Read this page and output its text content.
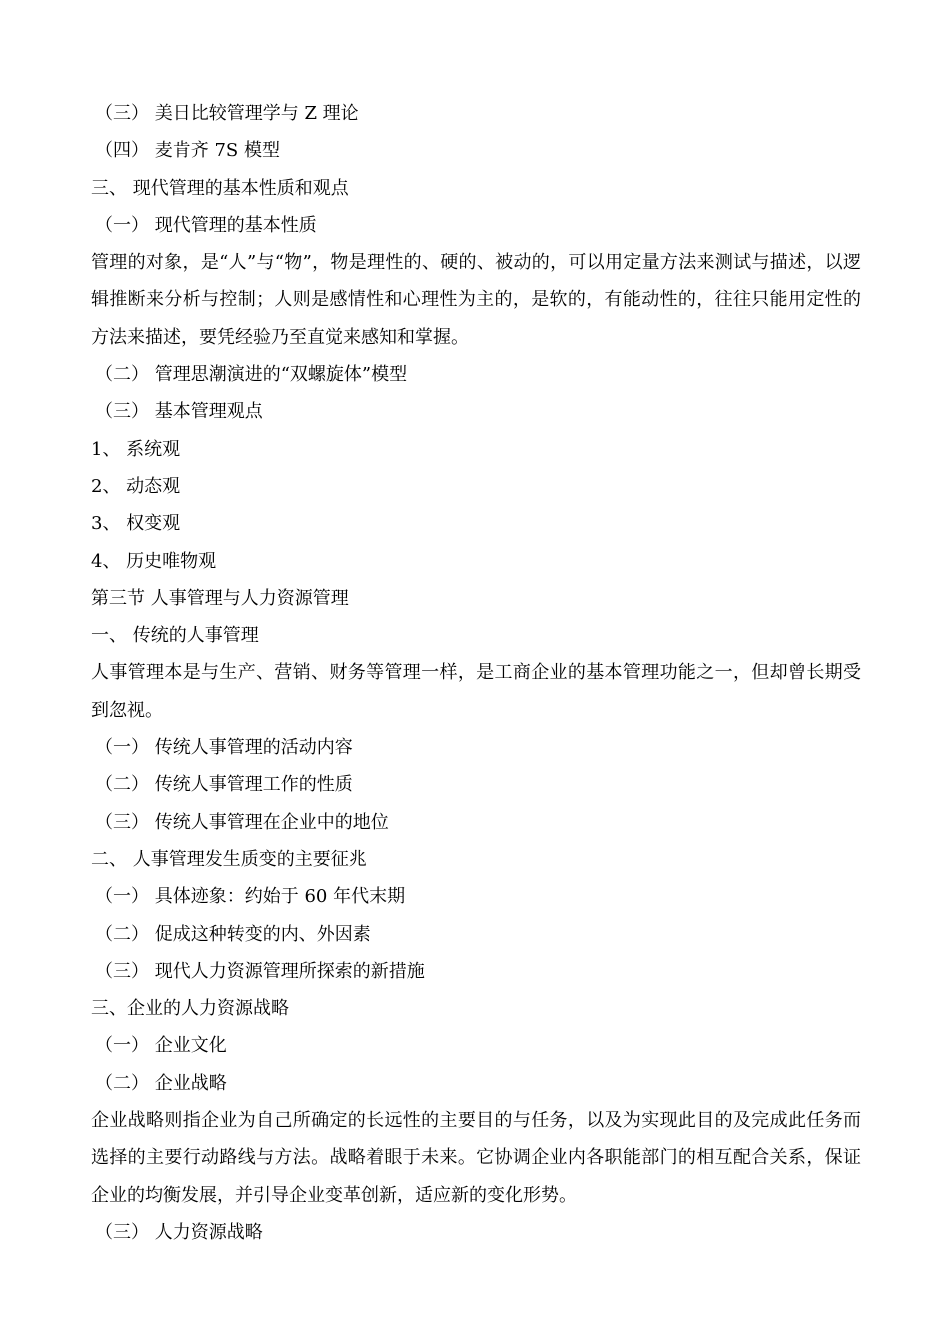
（三） 美日比较管理学与 Z 理论
（四） 麦肯齐 7S 模型
三、 现代管理的基本性质和观点
（一） 现代管理的基本性质

管理的对象，是“人”与“物”，物是理性的、硬的、被动的，可以用定量方法来测试与描述，以逻辑推断来分析与控制；人则是感情性和心理性为主的，是软的，有能动性的，往往只能用定性的方法来描述，要凭经验乃至直觉来感知和掌握。

（二） 管理思潮演进的“双螺旋体”模型
（三） 基本管理观点
1、 系统观
2、 动态观
3、 权变观
4、 历史唯物观
第三节 人事管理与人力资源管理
一、 传统的人事管理

人事管理本是与生产、营销、财务等管理一样，是工商企业的基本管理功能之一，但却曾长期受到忽视。

（一） 传统人事管理的活动内容
（二） 传统人事管理工作的性质
（三） 传统人事管理在企业中的地位
二、 人事管理发生质变的主要征兆
（一） 具体迹象：约始于 60 年代末期
（二） 促成这种转变的内、外因素
（三） 现代人力资源管理所探索的新措施
三、企业的人力资源战略
（一） 企业文化
（二） 企业战略

企业战略则指企业为自己所确定的长远性的主要目的与任务，以及为实现此目的及完成此任务而选择的主要行动路线与方法。战略着眼于未来。它协调企业内各职能部门的相互配合关系，保证企业的均衡发展，并引导企业变革创新，适应新的变化形势。

（三） 人力资源战略
